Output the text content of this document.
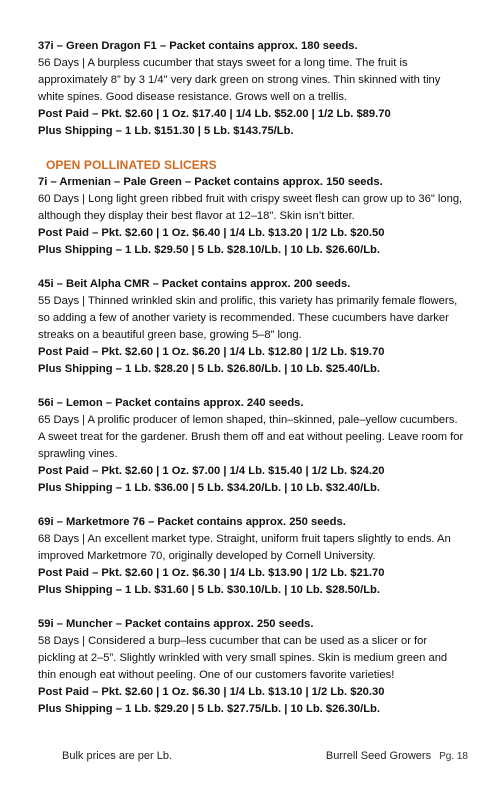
37i – Green Dragon F1 – Packet contains approx. 180 seeds.

56 Days | A burpless cucumber that stays sweet for a long time. The fruit is approximately 8” by 3 1/4" very dark green on strong vines. Thin skinned with tiny white spines. Good disease resistance. Grows well on a trellis.

Post Paid – Pkt. $2.60 | 1 Oz. $17.40 | 1/4 Lb. $52.00 | 1/2 Lb. $89.70

Plus Shipping – 1 Lb. $151.30 | 5 Lb. $143.75/Lb.

OPEN POLLINATED SLICERS

7i – Armenian – Pale Green – Packet contains approx. 150 seeds.

60 Days | Long light green ribbed fruit with crispy sweet flesh can grow up to 36" long, although they display their best flavor at 12–18". Skin isn’t bitter.

Post Paid – Pkt. $2.60 | 1 Oz. $6.40 | 1/4 Lb. $13.20 | 1/2 Lb. $20.50

Plus Shipping – 1 Lb. $29.50 | 5 Lb. $28.10/Lb. | 10 Lb. $26.60/Lb.

45i – Beit Alpha CMR – Packet contains approx. 200 seeds.

55 Days | Thinned wrinkled skin and prolific, this variety has primarily female flowers, so adding a few of another variety is recommended. These cucumbers have darker streaks on a beautiful green base, growing 5–8” long.

Post Paid – Pkt. $2.60 | 1 Oz. $6.20 | 1/4 Lb. $12.80 | 1/2 Lb. $19.70

Plus Shipping – 1 Lb. $28.20 | 5 Lb. $26.80/Lb. | 10 Lb. $25.40/Lb.

56i – Lemon – Packet contains approx. 240 seeds.

65 Days | A prolific producer of lemon shaped, thin–skinned, pale–yellow cucumbers. A sweet treat for the gardener. Brush them off and eat without peeling. Leave room for sprawling vines.

Post Paid – Pkt. $2.60 | 1 Oz. $7.00 | 1/4 Lb. $15.40 | 1/2 Lb. $24.20

Plus Shipping – 1 Lb. $36.00 | 5 Lb. $34.20/Lb. | 10 Lb. $32.40/Lb.

69i – Marketmore 76 – Packet contains approx. 250 seeds.

68 Days | An excellent market type. Straight, uniform fruit tapers slightly to ends. An improved Marketmore 70, originally developed by Cornell University.

Post Paid – Pkt. $2.60 | 1 Oz. $6.30 | 1/4 Lb. $13.90 | 1/2 Lb. $21.70

Plus Shipping – 1 Lb. $31.60 | 5 Lb. $30.10/Lb. | 10 Lb. $28.50/Lb.

59i – Muncher – Packet contains approx. 250 seeds.

58 Days | Considered a burp–less cucumber that can be used as a slicer or for pickling at 2–5”. Slightly wrinkled with very small spines. Skin is medium green and thin enough eat without peeling. One of our customers favorite varieties!

Post Paid – Pkt. $2.60 | 1 Oz. $6.30 | 1/4 Lb. $13.10 | 1/2 Lb. $20.30

Plus Shipping – 1 Lb. $29.20 | 5 Lb. $27.75/Lb. | 10 Lb. $26.30/Lb.

Bulk prices are per Lb.	Burrell Seed Growers Pg. 18
